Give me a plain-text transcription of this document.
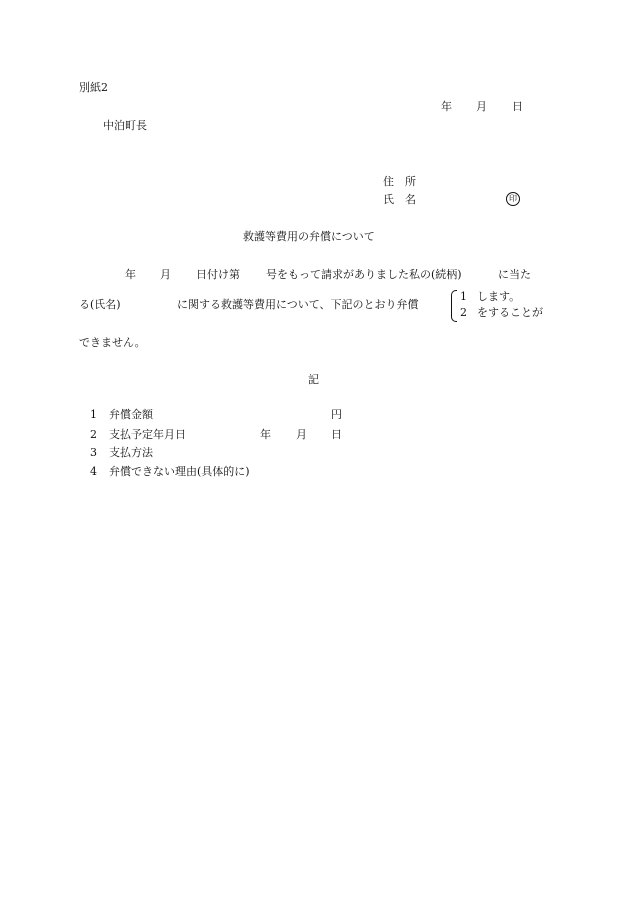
別紙2
年 月 日
中泊町長
住　所
氏　名	印
救護等費用の弁償について
年 月 日付け第 号をもって請求がありました私の(続柄)	に当た
る(氏名)	に関する救護等費用について、下記のとおり弁償
1 します。
2 をすることが
できません。
記
1 弁償金額	円
2 支払予定年月日	年 月 日
3 支払方法
4 弁償できない理由(具体的に)
